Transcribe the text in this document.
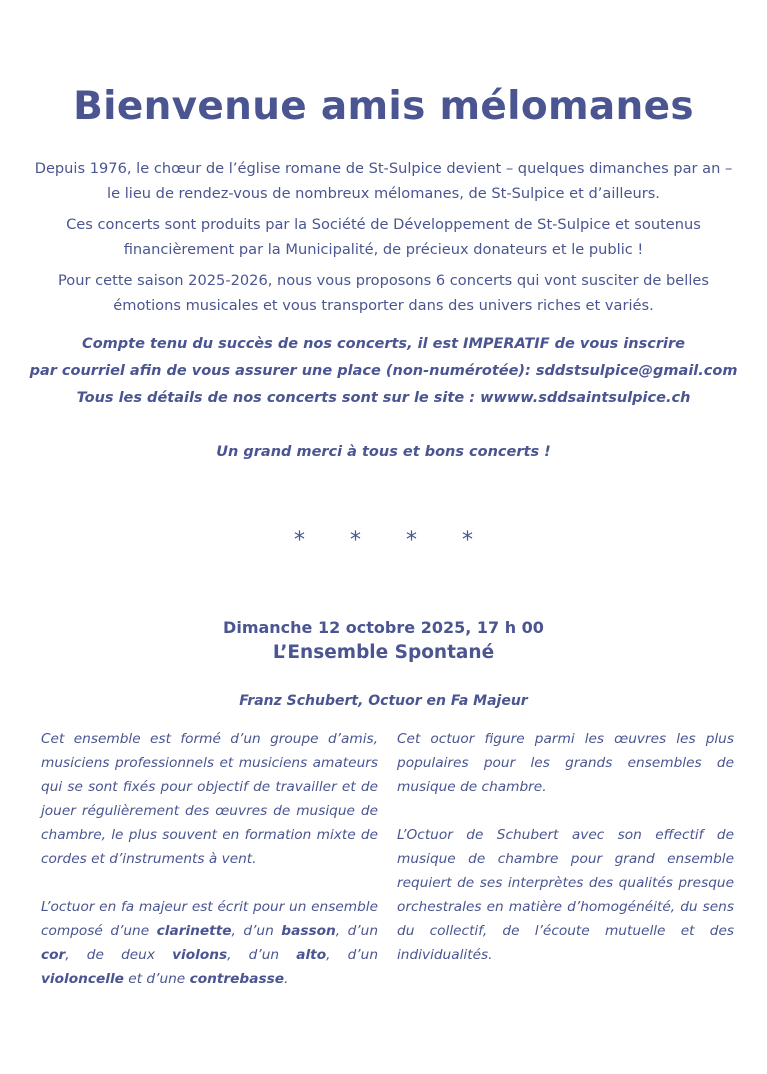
Bienvenue amis mélomanes

Depuis 1976, le chœur de l’église romane de St-Sulpice devient – quelques dimanches par an – le lieu de rendez-vous de nombreux mélomanes, de St-Sulpice et d’ailleurs.

Ces concerts sont produits par la Société de Développement de St-Sulpice et soutenus financièrement par la Municipalité, de précieux donateurs et le public !

Pour cette saison 2025-2026, nous vous proposons 6 concerts qui vont susciter de belles émotions musicales et vous transporter dans des univers riches et variés.

Compte tenu du succès de nos concerts, il est IMPERATIF de vous inscrire

par courriel afin de vous assurer une place (non-numérotée): sddstsulpice@gmail.com

Tous les détails de nos concerts sont sur le site : wwww.sddsaintsulpice.ch

Un grand merci à tous et bons concerts !
* * * *
Dimanche 12 octobre 2025, 17 h 00
L’Ensemble Spontané
Franz Schubert, Octuor en Fa Majeur

Cet ensemble est formé d’un groupe d’amis, musiciens professionnels et musiciens amateurs qui se sont fixés pour objectif de travailler et de jouer régulièrement des œuvres de musique de chambre, le plus souvent en formation mixte de cordes et d’instruments à vent.

L’octuor en fa majeur est écrit pour un ensemble composé d’une clarinette, d’un basson, d’un cor, de deux violons, d’un alto, d’un violoncelle et d’une contrebasse.

Cet octuor figure parmi les œuvres les plus populaires pour les grands ensembles de musique de chambre.

L’Octuor de Schubert avec son effectif de musique de chambre pour grand ensemble requiert de ses interprètes des qualités presque orchestrales en matière d’homogénéité, du sens du collectif, de l’écoute mutuelle et des individualités.
